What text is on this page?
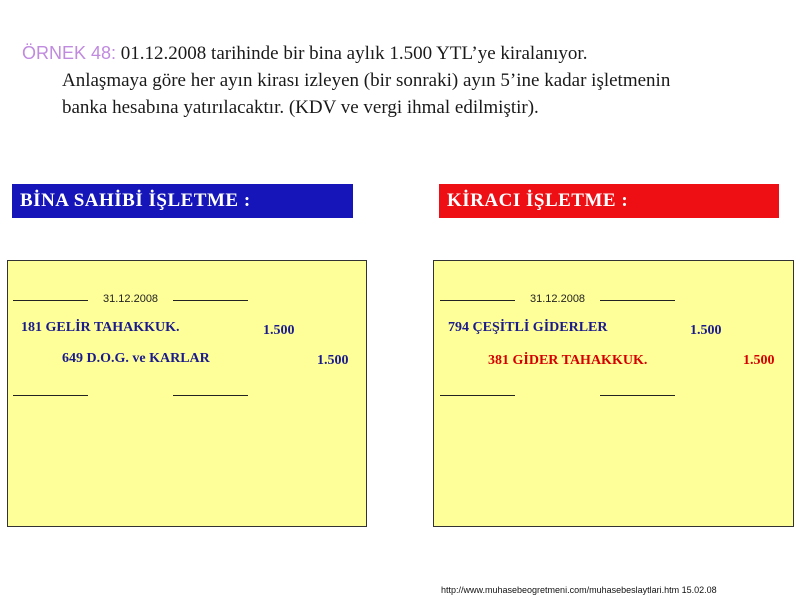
ÖRNEK 48: 01.12.2008 tarihinde bir bina aylık 1.500 YTL’ye kiralanıyor.
Anlaşmaya göre her ayın kirası izleyen (bir sonraki) ayın 5’ine kadar işletmenin
banka hesabına yatırılacaktır. (KDV ve vergi ihmal edilmiştir).
BİNA SAHİBİ İŞLETME :	KİRACI İŞLETME :
31.12.2008
181 GELİR TAHAKKUK.	1.500
649 D.O.G. ve KARLAR	1.500
31.12.2008
794 ÇEŞİTLİ GİDERLER	1.500
381 GİDER TAHAKKUK.	1.500
http://www.muhasebeogretmeni.com/muhasebeslaytlari.htm 15.02.08
